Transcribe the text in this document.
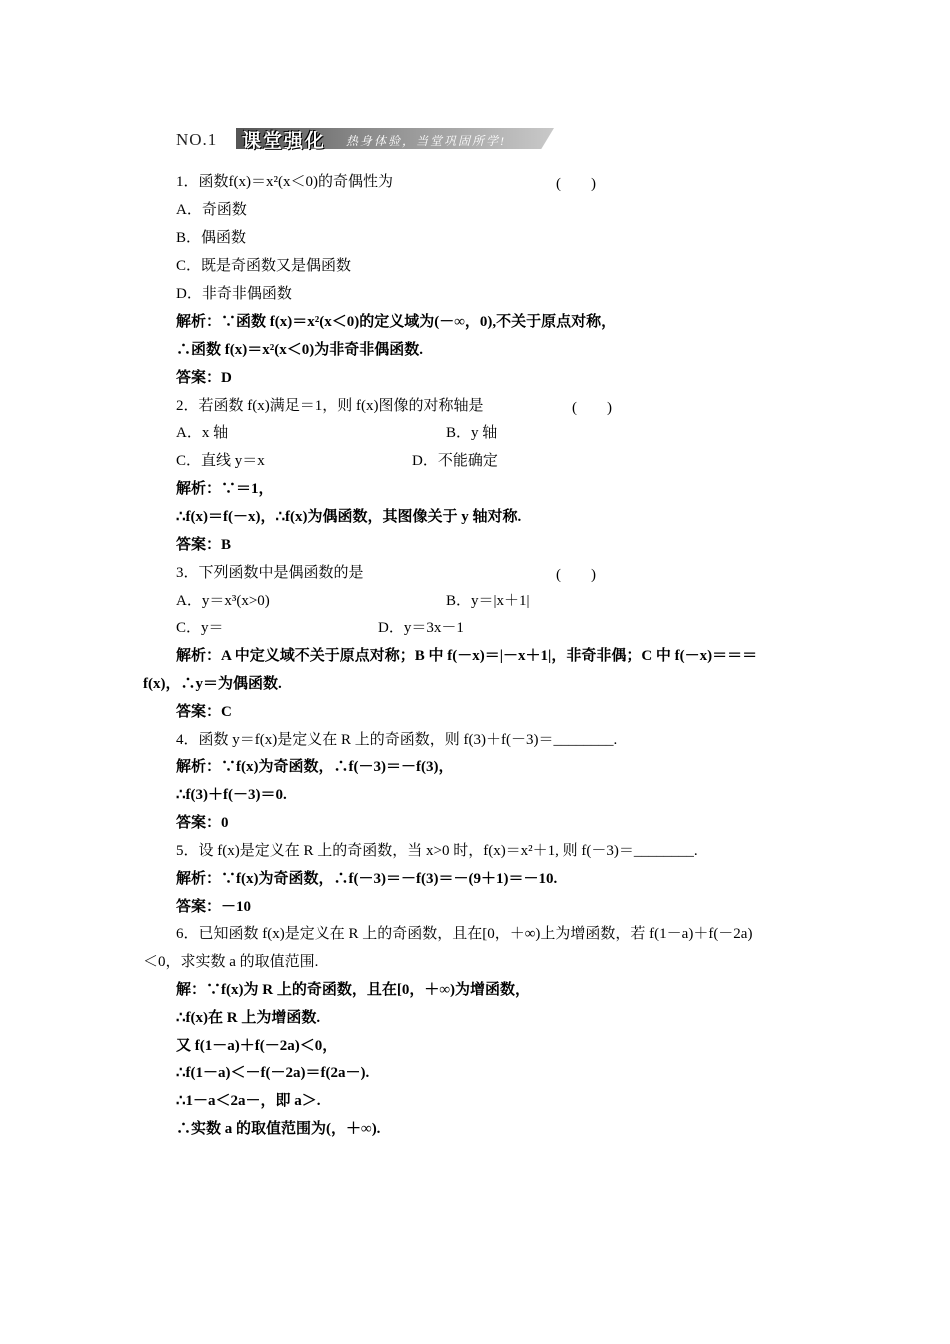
NO.1 课堂强化 热身体验，当堂巩固所学!
1．函数f(x)＝x²(x＜0)的奇偶性为
A．奇函数
B．偶函数
C．既是奇函数又是偶函数
D．非奇非偶函数
解析：∵函数 f(x)＝x²(x＜0)的定义域为(－∞，0),不关于原点对称，
∴函数 f(x)＝x²(x＜0)为非奇非偶函数.
答案：D
2．若函数 f(x)满足＝1，则 f(x)图像的对称轴是
A．x 轴	B．y 轴
C．直线 y＝x	D．不能确定
解析：∵＝1，
∴f(x)＝f(－x)，∴f(x)为偶函数，其图像关于 y 轴对称.
答案：B
3．下列函数中是偶函数的是
A．y＝x³(x>0)	B．y＝|x＋1|
C．y＝	D．y＝3x－1
解析：A 中定义域不关于原点对称；B 中 f(－x)＝|－x＋1|，非奇非偶；C 中 f(－x)＝＝＝
f(x)，∴y＝为偶函数.
答案：C
4．函数 y＝f(x)是定义在 R 上的奇函数，则 f(3)＋f(－3)＝________.
解析：∵f(x)为奇函数，∴f(－3)＝－f(3)，
∴f(3)＋f(－3)＝0.
答案：0
5．设 f(x)是定义在 R 上的奇函数，当 x>0 时，f(x)＝x²＋1, 则 f(－3)＝________.
解析：∵f(x)为奇函数，∴f(－3)＝－f(3)＝－(9＋1)＝－10.
答案：－10
6．已知函数 f(x)是定义在 R 上的奇函数，且在[0，＋∞)上为增函数，若 f(1－a)＋f(－2a)
＜0，求实数 a 的取值范围.
解：∵f(x)为 R 上的奇函数，且在[0，＋∞)为增函数，
∴f(x)在 R 上为增函数.
又 f(1－a)＋f(－2a)＜0，
∴f(1－a)＜－f(－2a)＝f(2a－).
∴1－a＜2a－，即 a＞.
∴实数 a 的取值范围为(，＋∞).
(　　)
(　　)
(　　)
